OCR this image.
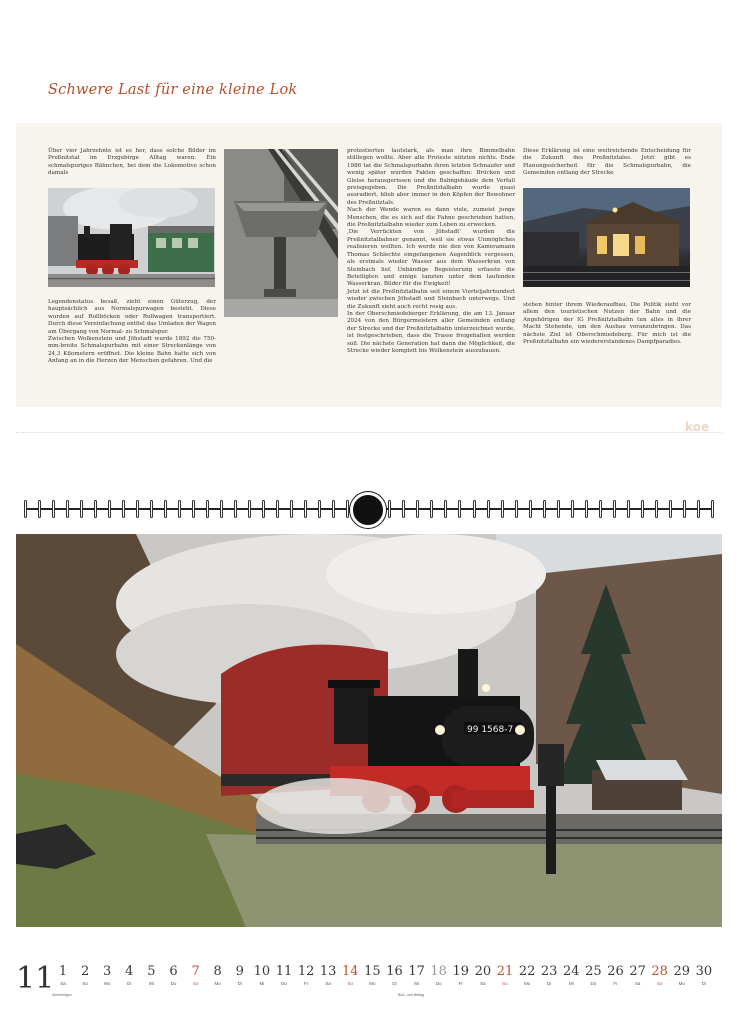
Schwere Last für eine kleine Lok
Über vier Jahrzehnte ist es her, dass solche Bilder im Preßnitztal im Erzgebirge Alltag waren. Ein schmalspuriges Bähnchen, bei dem die Lokomotive schon damals
Legendenstatus besaß, zieht einen Güterzug, der hauptsächlich aus Normalspurwagen besteht. Diese wurden auf Rollböcken oder Rollwagen transportiert. Durch diese Vereinfachung entfiel das Umladen der Wagen am Übergang von Normal- zu Schmalspur.
Zwischen Wolkenstein und Jöhstadt wurde 1892 die 750-mm-breite Schmalspurbahn mit einer Streckenlänge von 24,3 Kilometern eröffnet. Die kleine Bahn hatte sich von Anfang an in die Herzen der Menschen gefahren. Und die
protestierten lautstark, als man ihre Bimmelbahn stilllegen wollte. Aber alle Proteste nützten nichts. Ende 1986 tat die Schmalspurbahn ihren letzten Schnaufer und wenig später wurden Fakten geschaffen: Brücken und Gleise herausgerissen und die Bahngebäude dem Verfall preisgegeben. Die Preßnitztalbahn wurde quasi ausradiert, blieb aber immer in den Köpfen der Bewohner des Preßnitztals.
Nach der Wende waren es dann viele, zumeist junge Menschen, die es sich auf die Fahne geschrieben hatten, die Preßnitztalbahn wieder zum Leben zu erwecken.
‚Die Verrückten von Jöhstadt' wurden die Preßnitztalbahner genannt, weil sie etwas Unmögliches realisieren wollten. Ich werde nie den von Kameramann Thomas Schlechte eingefangenen Augenblick vergessen, als erstmals wieder Wasser aus dem Wasserkran von Steinbach lief. Unbändige Begeisterung erfasste die Beteiligten und einige tanzten unter dem laufenden Wasserkran. Bilder für die Ewigkeit!
Jetzt ist die Preßnitztalbahn seit einem Vierteljahrhundert wieder zwischen Jöhstadt und Steinbach unterwegs. Und die Zukunft sieht auch recht rosig aus.
In der Oberschmiedeberger Erklärung, die am 13. Januar 2024 von den Bürgermeistern aller Gemeinden entlang der Strecke und der Preßnitztalbahn unterzeichnet wurde, ist festgeschrieben, dass die Trasse freigehalten werden soll. Die nächste Generation hat dann die Möglichkeit, die Strecke wieder komplett bis Wolkenstein auszubauen.
Diese Erklärung ist eine weitreichende Entscheidung für die Zukunft des Preßnitztales. Jetzt gibt es Planungssicherheit für die Schmalspurbahn, die Gemeinden entlang der Strecke
stehen hinter ihrem Wiederaufbau. Die Politik sieht vor allem den touristischen Nutzen der Bahn und die Angehörigen der IG Preßnitztalbahn tun alles in ihrer Macht Stehende, um den Ausbau voranzubringen. Das nächste Ziel ist Oberschmiedeberg. Für mich ist die Preßnitztalbahn ein wiedererstandenes Dampfparadies.
koe
99 1568-7
11 1
Sa
2
So
3
Mo
4
Di
5
Mi
6
Do
7
So
8
Mo
9
Di
10
Mi
11
Do
12
Fr
13
Sa
14
So
15
Mo
16
Di
17
Mi
18
Do
19
Fr
20
Sa
21
So
22
Mo
23
Di
24
Mi
25
Do
26
Fr
27
Sa
28
So
29
Mo
30
Di
Allerheiligen	Buß- und Bettag
